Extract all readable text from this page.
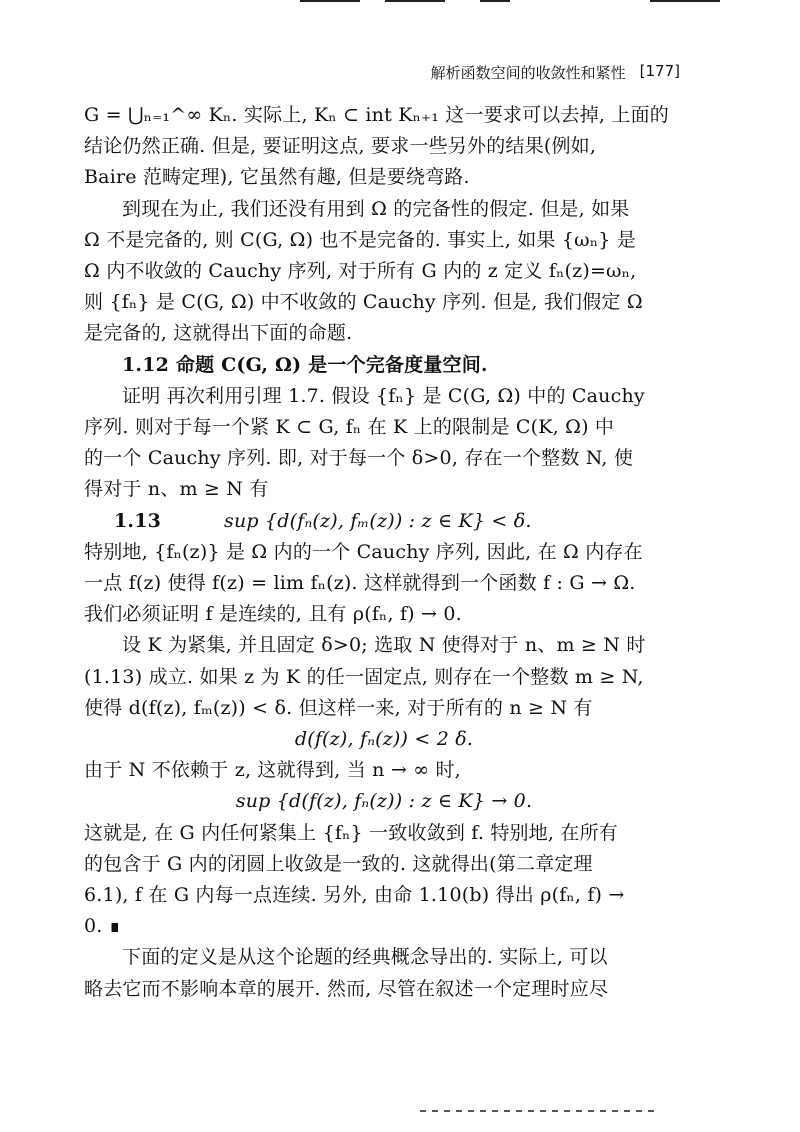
解析函数空间的收敛性和紧性 [177]

G = ⋃ₙ₌₁^∞ Kₙ. 实际上, Kₙ ⊂ int Kₙ₊₁ 这一要求可以去掉, 上面的

结论仍然正确. 但是, 要证明这点, 要求一些另外的结果(例如,

Baire 范畴定理), 它虽然有趣, 但是要绕弯路.

到现在为止, 我们还没有用到 Ω 的完备性的假定. 但是, 如果

Ω 不是完备的, 则 C(G, Ω) 也不是完备的. 事实上, 如果 {ωₙ} 是

Ω 内不收敛的 Cauchy 序列, 对于所有 G 内的 z 定义 fₙ(z)=ωₙ,

则 {fₙ} 是 C(G, Ω) 中不收敛的 Cauchy 序列. 但是, 我们假定 Ω

是完备的, 这就得出下面的命题.

1.12 命题 C(G, Ω) 是一个完备度量空间.

证明 再次利用引理 1.7. 假设 {fₙ} 是 C(G, Ω) 中的 Cauchy

序列. 则对于每一个紧 K ⊂ G, fₙ 在 K 上的限制是 C(K, Ω) 中

的一个 Cauchy 序列. 即, 对于每一个 δ>0, 存在一个整数 N, 使

得对于 n、m ≥ N 有

1.13	sup {d(fₙ(z), fₘ(z)) : z ∈ K} < δ.

特别地, {fₙ(z)} 是 Ω 内的一个 Cauchy 序列, 因此, 在 Ω 内存在

一点 f(z) 使得 f(z) = lim fₙ(z). 这样就得到一个函数 f : G → Ω.

我们必须证明 f 是连续的, 且有 ρ(fₙ, f) → 0.

设 K 为紧集, 并且固定 δ>0; 选取 N 使得对于 n、m ≥ N 时

(1.13) 成立. 如果 z 为 K 的任一固定点, 则存在一个整数 m ≥ N,

使得 d(f(z), fₘ(z)) < δ. 但这样一来, 对于所有的 n ≥ N 有

d(f(z), fₙ(z)) < 2 δ.

由于 N 不依赖于 z, 这就得到, 当 n → ∞ 时,

sup {d(f(z), fₙ(z)) : z ∈ K} → 0.

这就是, 在 G 内任何紧集上 {fₙ} 一致收敛到 f. 特别地, 在所有

的包含于 G 内的闭圆上收敛是一致的. 这就得出(第二章定理

6.1), f 在 G 内每一点连续. 另外, 由命 1.10(b) 得出 ρ(fₙ, f) →

0. ∎

下面的定义是从这个论题的经典概念导出的. 实际上, 可以

略去它而不影响本章的展开. 然而, 尽管在叙述一个定理时应尽
